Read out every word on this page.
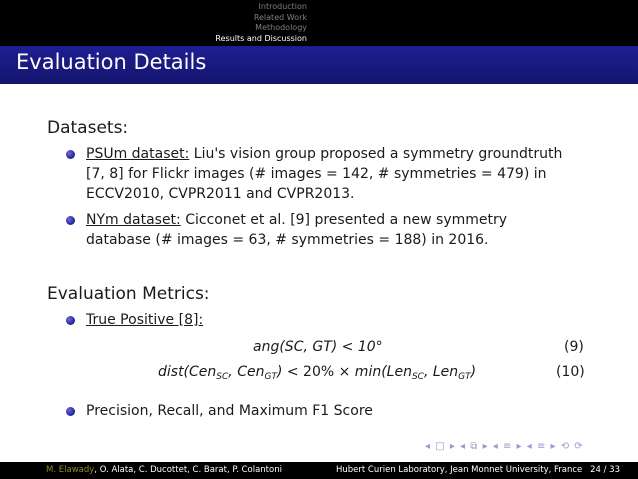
Introduction
Related Work
Methodology
Results and Discussion
Evaluation Details
Datasets:
PSUm dataset: Liu's vision group proposed a symmetry groundtruth
[7, 8] for Flickr images (# images = 142, # symmetries = 479) in
ECCV2010, CVPR2011 and CVPR2013.
NYm dataset: Cicconet et al. [9] presented a new symmetry
database (# images = 63, # symmetries = 188) in 2016.
Evaluation Metrics:
True Positive [8]:
ang(SC, GT) < 10°	(9)
dist(Cen$_{SC}$, Cen$_{GT}$) < 20% × min(Len$_{SC}$, Len$_{GT}$)	(10)
Precision, Recall, and Maximum F1 Score
◂ □ ▸ ◂ ⧉ ▸ ◂ ≡ ▸ ◂ ≡ ▸ ⟲ ⟳
M. Elawady, O. Alata, C. Ducottet, C. Barat, P. Colantoni	Hubert Curien Laboratory, Jean Monnet University, France 24 / 33
